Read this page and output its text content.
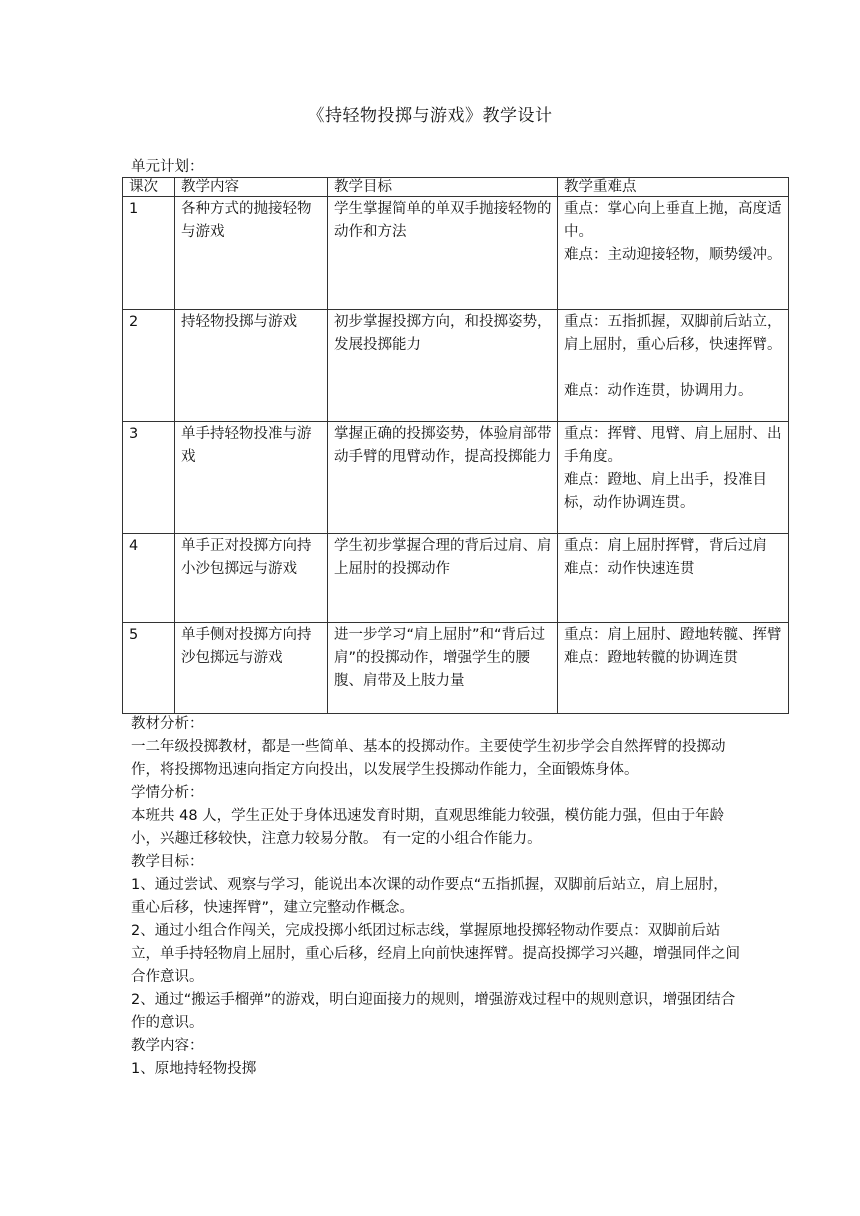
《持轻物投掷与游戏》教学设计
单元计划：
课次	教学内容	教学目标	教学重难点
1	各种方式的抛接轻物与游戏	学生掌握简单的单双手抛接轻物的动作和方法	重点：掌心向上垂直上抛，高度适中。
难点：主动迎接轻物，顺势缓冲。

2	持轻物投掷与游戏	初步掌握投掷方向，和投掷姿势，发展投掷能力	重点：五指抓握，双脚前后站立，肩上屈肘，重心后移，快速挥臂。
难点：动作连贯，协调用力。

3	单手持轻物投准与游戏	掌握正确的投掷姿势，体验肩部带动手臂的甩臂动作，提高投掷能力	重点：挥臂、甩臂、肩上屈肘、出手角度。
难点：蹬地、肩上出手，投准目标，动作协调连贯。

4	单手正对投掷方向持小沙包掷远与游戏	学生初步掌握合理的背后过肩、肩上屈肘的投掷动作	重点：肩上屈肘挥臂，背后过肩
难点：动作快速连贯

5	单手侧对投掷方向持沙包掷远与游戏	进一步学习“肩上屈肘”和“背后过肩”的投掷动作，增强学生的腰腹、肩带及上肢力量	重点：肩上屈肘、蹬地转髋、挥臂
难点：蹬地转髋的协调连贯

教材分析：

一二年级投掷教材，都是一些简单、基本的投掷动作。主要使学生初步学会自然挥臂的投掷动作，将投掷物迅速向指定方向投出，以发展学生投掷动作能力，全面锻炼身体。

学情分析：

本班共 48 人，学生正处于身体迅速发育时期，直观思维能力较强，模仿能力强，但由于年龄小，兴趣迁移较快，注意力较易分散。 有一定的小组合作能力。

教学目标：

1、通过尝试、观察与学习，能说出本次课的动作要点“五指抓握，双脚前后站立，肩上屈肘，重心后移，快速挥臂”，建立完整动作概念。

2、通过小组合作闯关，完成投掷小纸团过标志线，掌握原地投掷轻物动作要点：双脚前后站立，单手持轻物肩上屈肘，重心后移，经肩上向前快速挥臂。提高投掷学习兴趣，增强同伴之间合作意识。

2、通过“搬运手榴弹”的游戏，明白迎面接力的规则，增强游戏过程中的规则意识，增强团结合作的意识。

教学内容：

1、原地持轻物投掷
